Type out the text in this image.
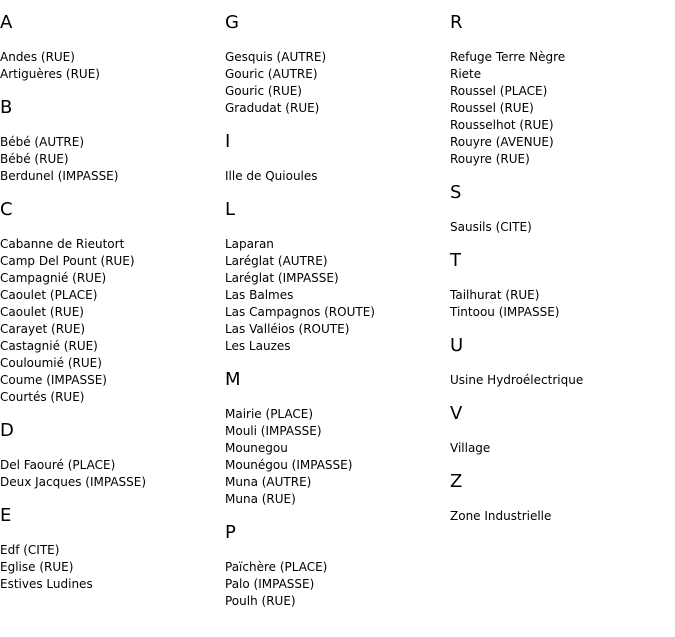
A
Andes (RUE)
Artiguères (RUE)
B
Bébé (AUTRE)
Bébé (RUE)
Berdunel (IMPASSE)
C
Cabanne de Rieutort
Camp Del Pount (RUE)
Campagnié (RUE)
Caoulet (PLACE)
Caoulet (RUE)
Carayet (RUE)
Castagnié (RUE)
Couloumié (RUE)
Coume (IMPASSE)
Courtés (RUE)
D
Del Faouré (PLACE)
Deux Jacques (IMPASSE)
E
Edf (CITE)
Eglise (RUE)
Estives Ludines
G
Gesquis (AUTRE)
Gouric (AUTRE)
Gouric (RUE)
Gradudat (RUE)
I
Ille de Quioules
L
Laparan
Laréglat (AUTRE)
Laréglat (IMPASSE)
Las Balmes
Las Campagnos (ROUTE)
Las Valléios (ROUTE)
Les Lauzes
M
Mairie (PLACE)
Mouli (IMPASSE)
Mounegou
Mounégou (IMPASSE)
Muna (AUTRE)
Muna (RUE)
P
Païchère (PLACE)
Palo (IMPASSE)
Poulh (RUE)
R
Refuge Terre Nègre
Riete
Roussel (PLACE)
Roussel (RUE)
Rousselhot (RUE)
Rouyre (AVENUE)
Rouyre (RUE)
S
Sausils (CITE)
T
Tailhurat (RUE)
Tintoou (IMPASSE)
U
Usine Hydroélectrique
V
Village
Z
Zone Industrielle
